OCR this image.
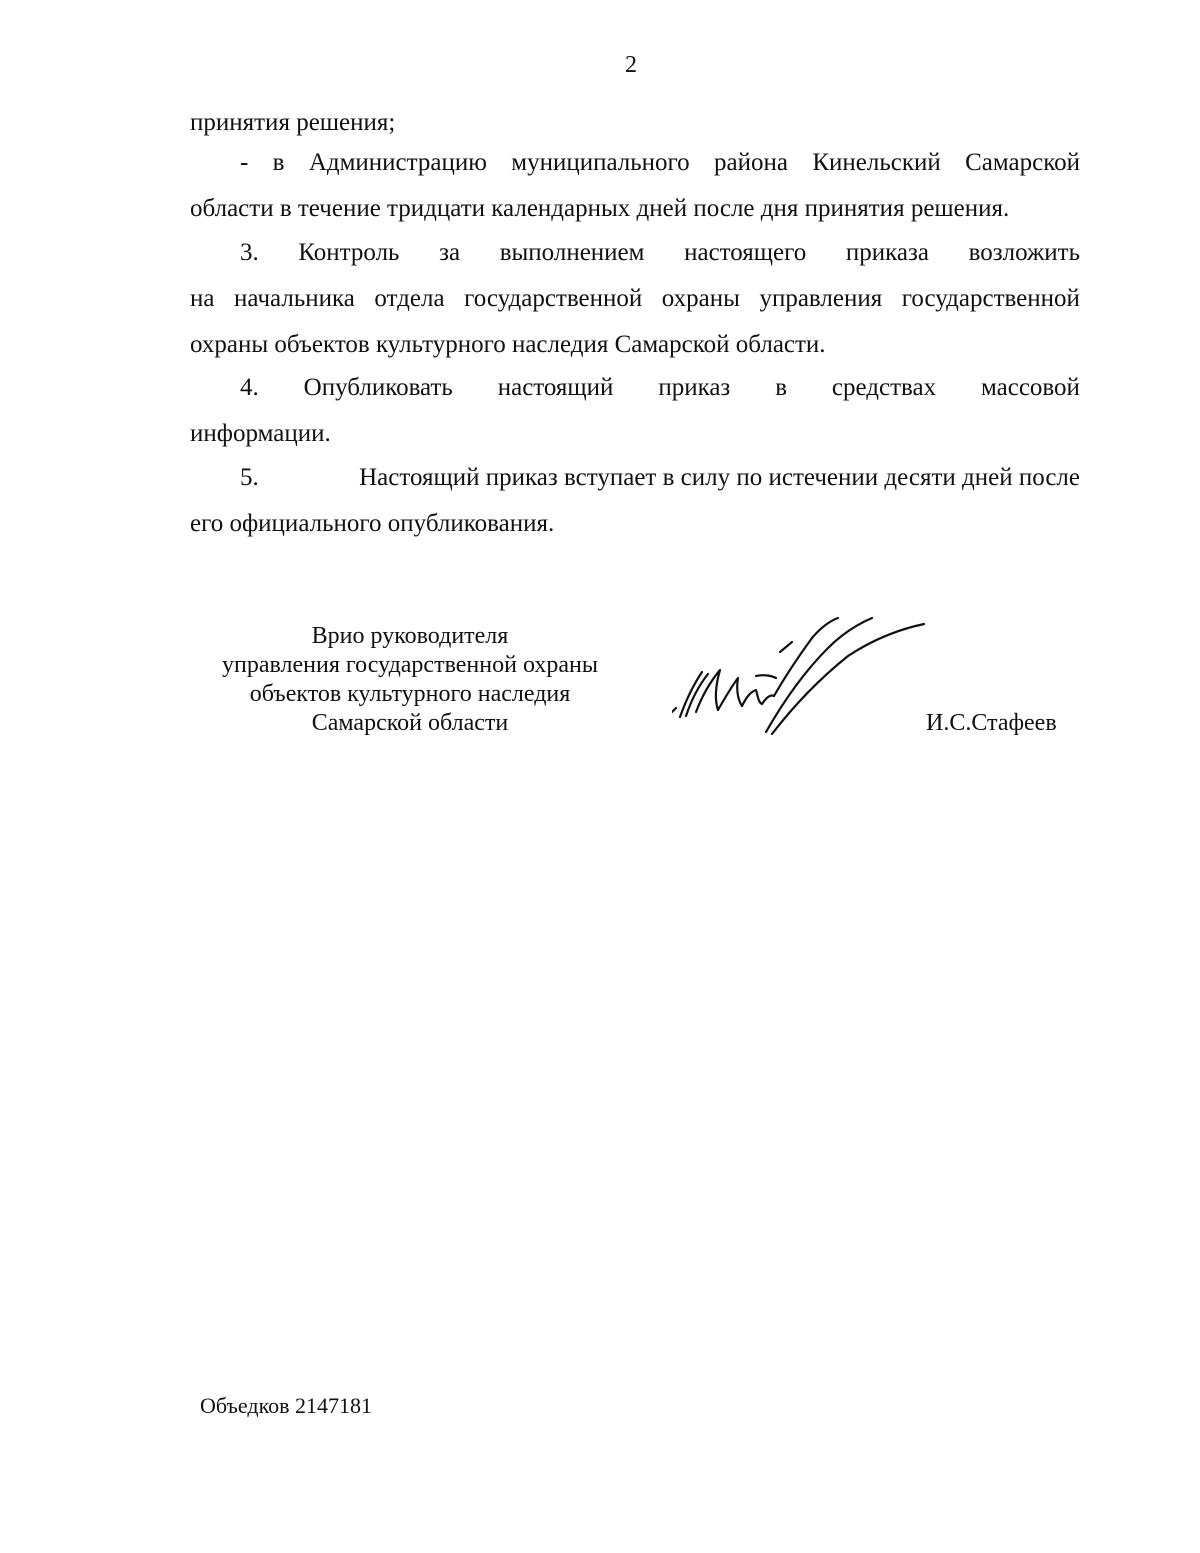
2
принятия решения;
- в Администрацию муниципального района Кинельский Самарской
области в течение тридцати календарных дней после дня принятия решения.
3. Контроль за выполнением настоящего приказа возложить
на начальника отдела государственной охраны управления государственной
охраны объектов культурного наследия Самарской области.
4. Опубликовать настоящий приказ в средствах массовой
информации.
5.	Настоящий приказ вступает в силу по истечении десяти дней после
его официального опубликования.
Врио руководителя
управления государственной охраны
объектов культурного наследия
Самарской области	И.С.Стафеев
Объедков 2147181
